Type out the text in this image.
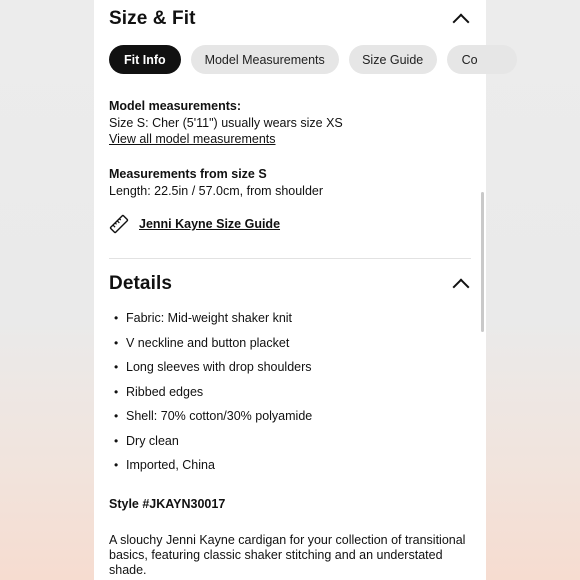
Size & Fit
Fit Info	Model Measurements	Size Guide	Co
Model measurements:
Size S: Cher (5'11") usually wears size XS
View all model measurements
Measurements from size S
Length: 22.5in / 57.0cm, from shoulder
Jenni Kayne Size Guide
Details
• Fabric: Mid-weight shaker knit
• V neckline and button placket
• Long sleeves with drop shoulders
• Ribbed edges
• Shell: 70% cotton/30% polyamide
• Dry clean
• Imported, China
Style #JKAYN30017
A slouchy Jenni Kayne cardigan for your collection of transitional basics, featuring classic shaker stitching and an understated shade.
